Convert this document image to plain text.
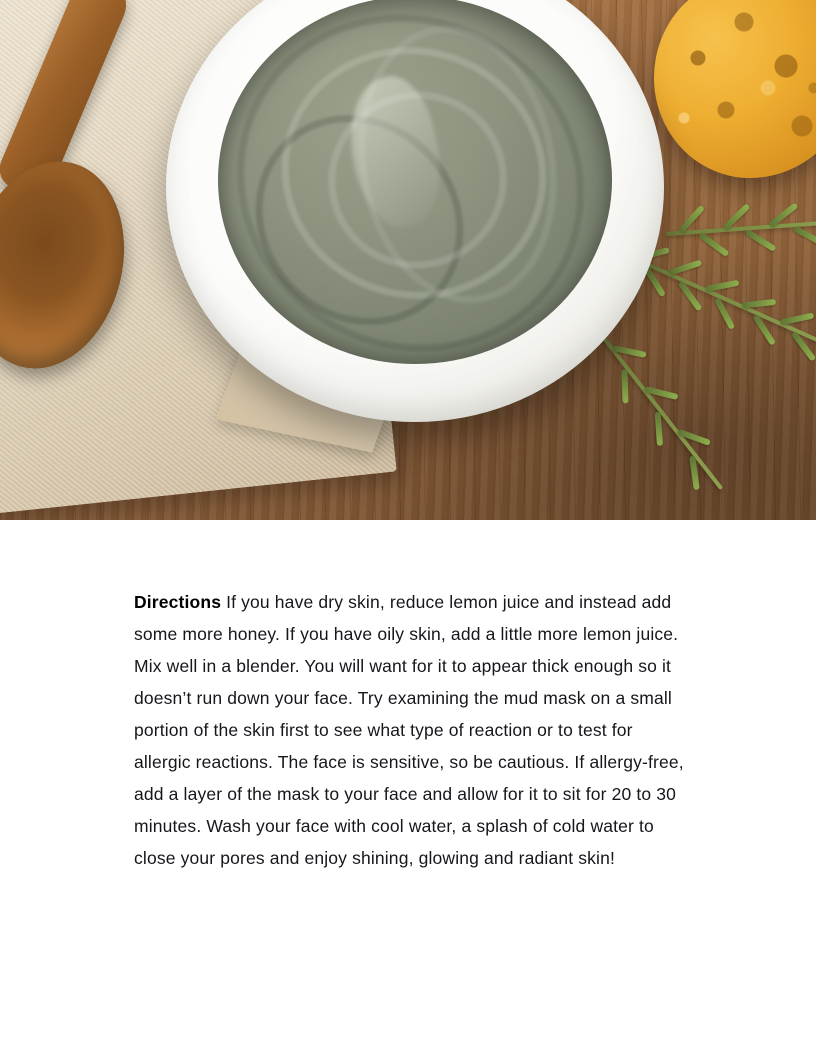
Directions If you have dry skin, reduce lemon juice and instead add some more honey. If you have oily skin, add a little more lemon juice.

Mix well in a blender. You will want for it to appear thick enough so it doesn’t run down your face. Try examining the mud mask on a small portion of the skin first to see what type of reaction or to test for allergic reactions. The face is sensitive, so be cautious. If allergy-free, add a layer of the mask to your face and allow for it to sit for 20 to 30 minutes. Wash your face with cool water, a splash of cold water to close your pores and enjoy shining, glowing and radiant skin!
